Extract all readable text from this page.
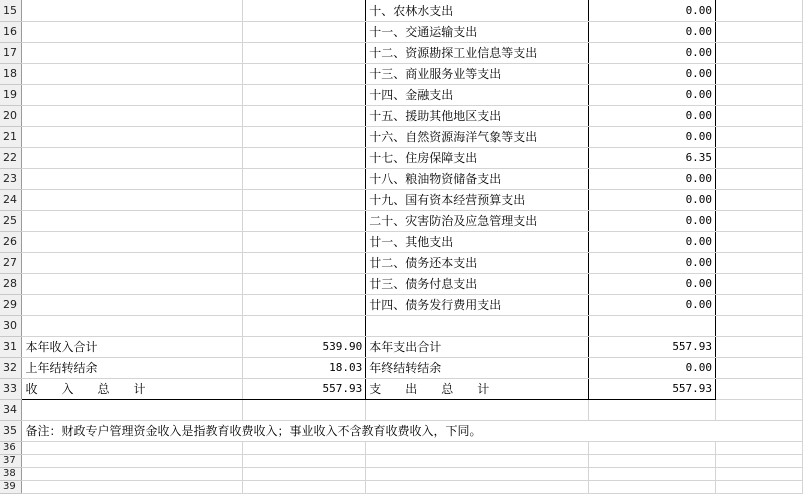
15			十、农林水支出	0.00	
16			十一、交通运输支出	0.00	
17			十二、资源勘探工业信息等支出	0.00	
18			十三、商业服务业等支出	0.00	
19			十四、金融支出	0.00	
20			十五、援助其他地区支出	0.00	
21			十六、自然资源海洋气象等支出	0.00	
22			十七、住房保障支出	6.35	
23			十八、粮油物资储备支出	0.00	
24			十九、国有资本经营预算支出	0.00	
25			二十、灾害防治及应急管理支出	0.00	
26			廿一、其他支出	0.00	
27			廿二、债务还本支出	0.00	
28			廿三、债务付息支出	0.00	
29			廿四、债务发行费用支出	0.00	
30					
31	本年收入合计	539.90	本年支出合计	557.93	
32	上年结转结余	18.03	年终结转结余	0.00	
33	收　　入　　总　　计	557.93	支　　出　　总　　计	557.93	
34					
35	备注：财政专户管理资金收入是指教育收费收入；事业收入不含教育收费收入，下同。				
36					
37					
38					
39					
